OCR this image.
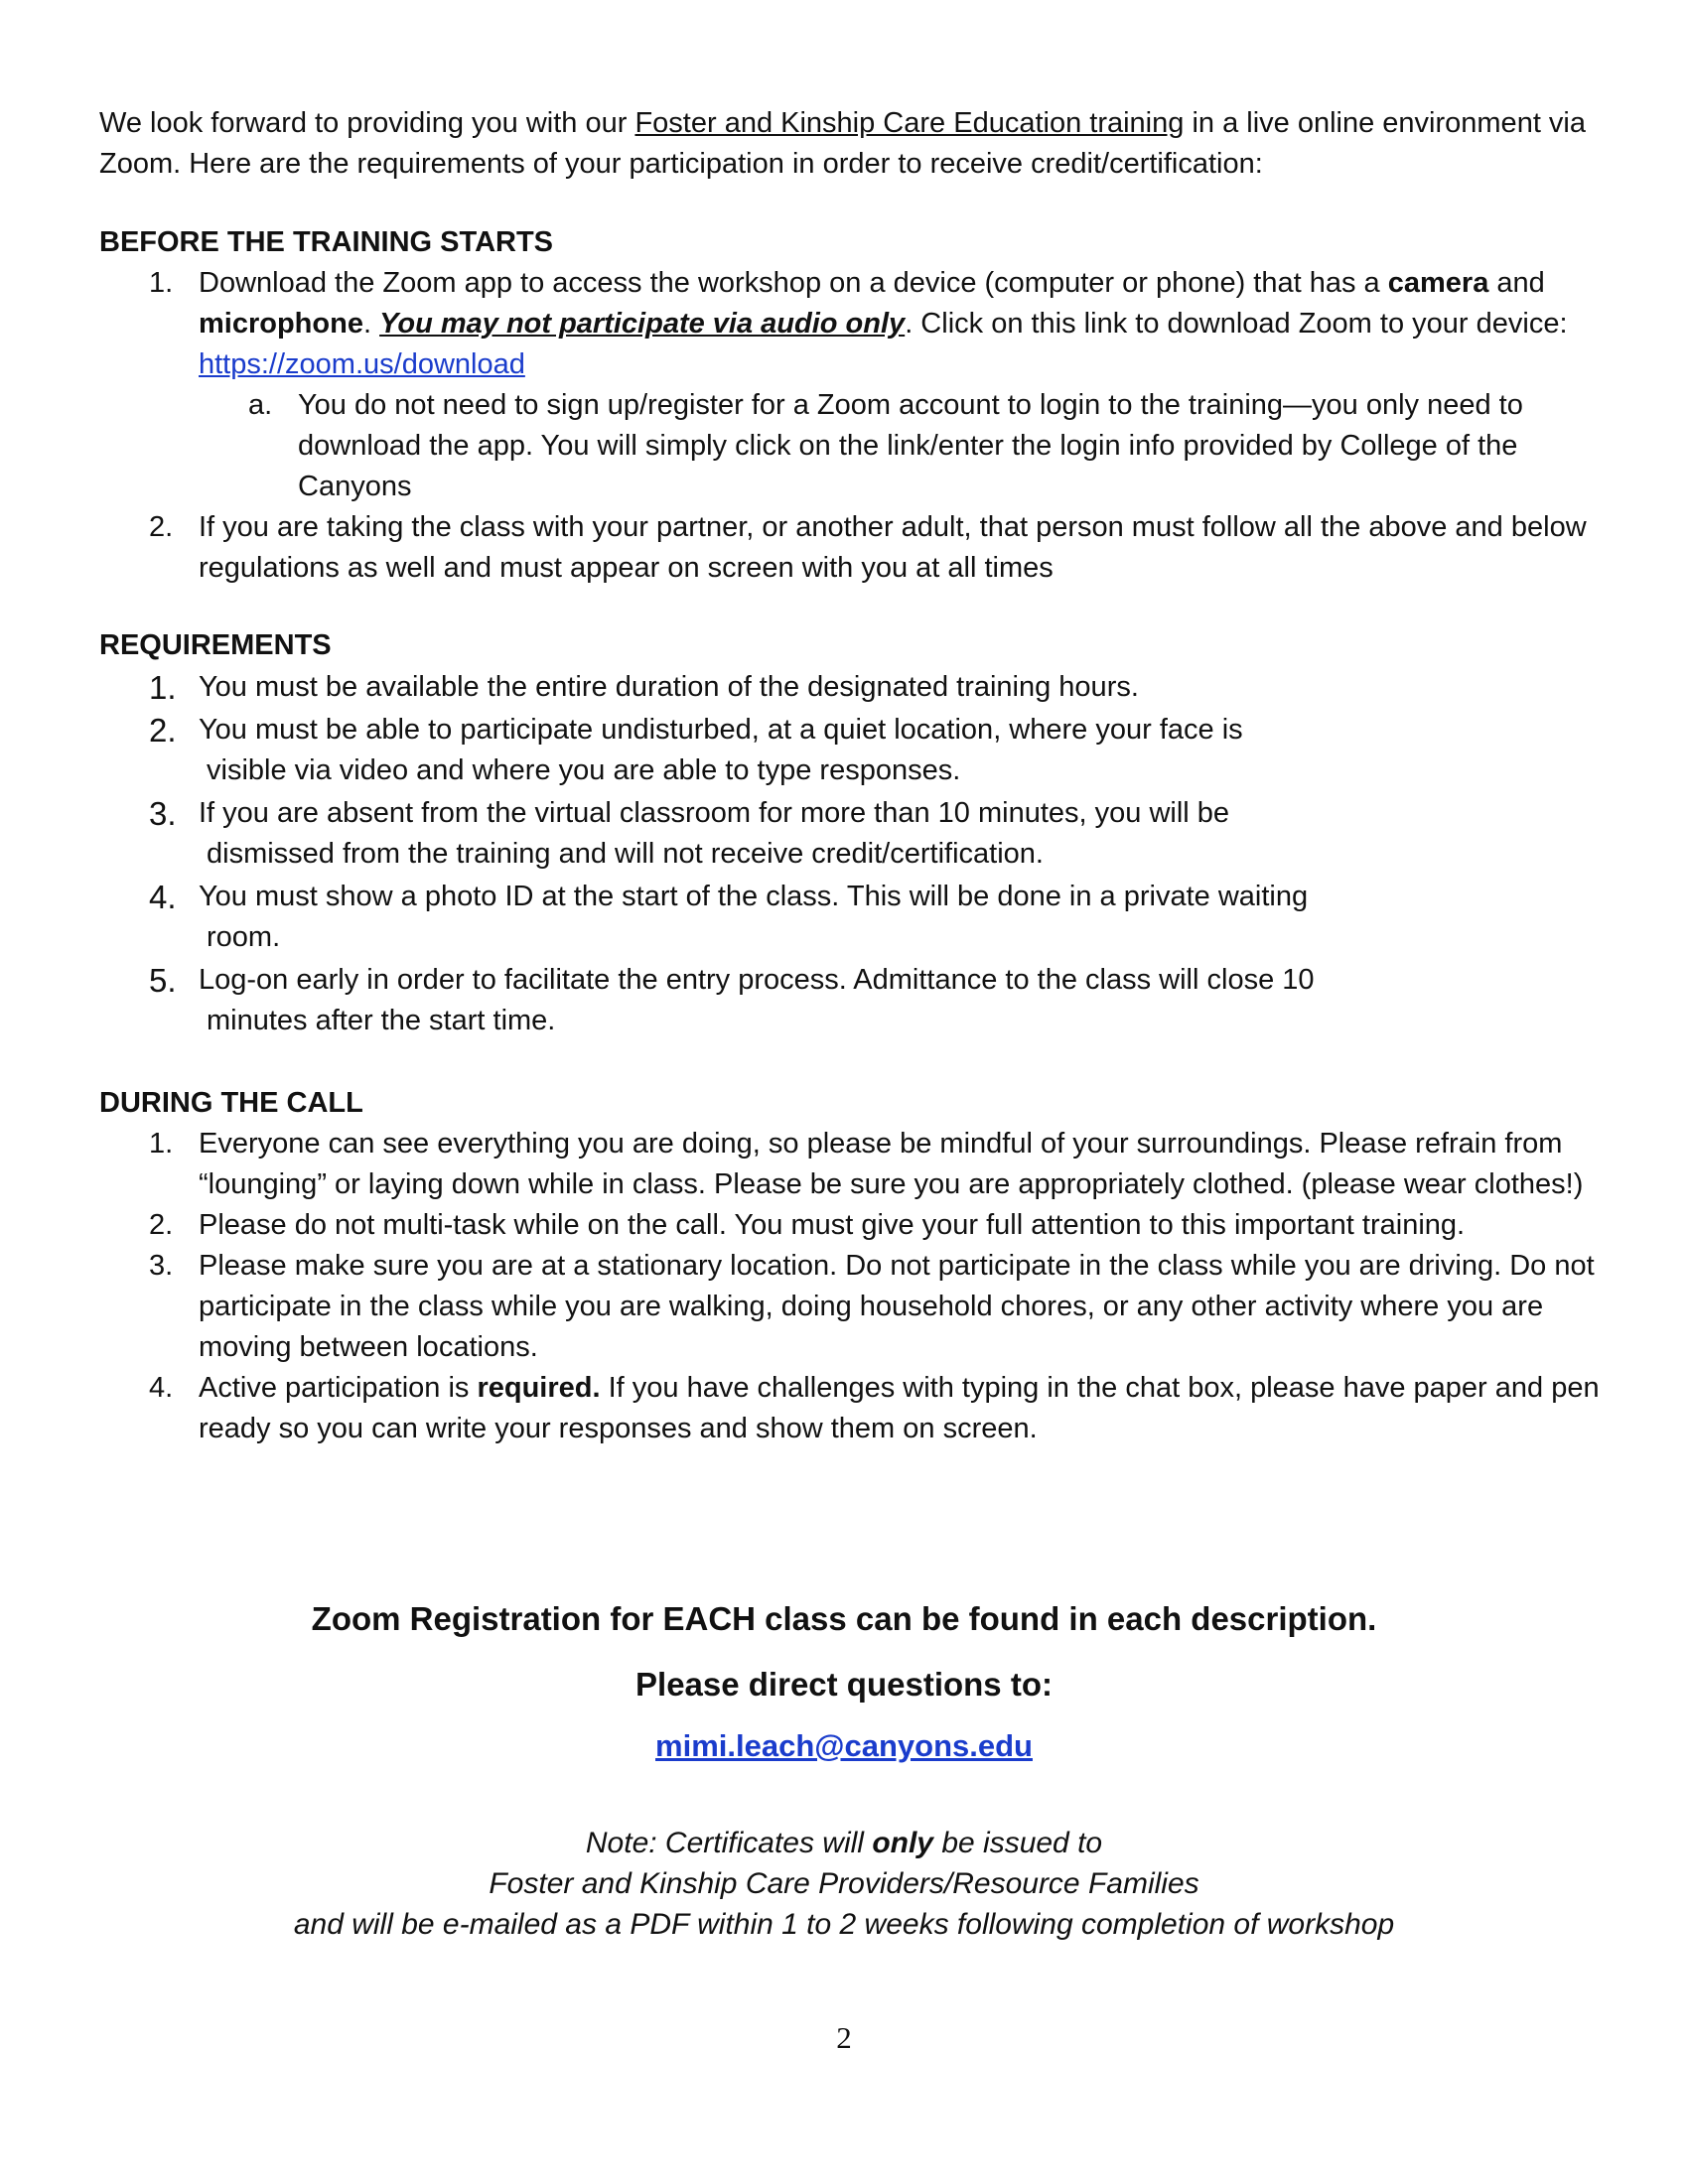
We look forward to providing you with our Foster and Kinship Care Education training in a live online environment via Zoom. Here are the requirements of your participation in order to receive credit/certification:

BEFORE THE TRAINING STARTS
1. Download the Zoom app to access the workshop on a device (computer or phone) that has a camera and microphone. You may not participate via audio only. Click on this link to download Zoom to your device: https://zoom.us/download
a. You do not need to sign up/register for a Zoom account to login to the training—you only need to download the app. You will simply click on the link/enter the login info provided by College of the Canyons
2. If you are taking the class with your partner, or another adult, that person must follow all the above and below regulations as well and must appear on screen with you at all times
REQUIREMENTS
1. You must be available the entire duration of the designated training hours.
2. You must be able to participate undisturbed, at a quiet location, where your face is
visible via video and where you are able to type responses.
3. If you are absent from the virtual classroom for more than 10 minutes, you will be
dismissed from the training and will not receive credit/certification.
4. You must show a photo ID at the start of the class. This will be done in a private waiting
room.
5. Log-on early in order to facilitate the entry process. Admittance to the class will close 10
minutes after the start time.
DURING THE CALL
1. Everyone can see everything you are doing, so please be mindful of your surroundings. Please refrain from “lounging” or laying down while in class. Please be sure you are appropriately clothed. (please wear clothes!)
2. Please do not multi-task while on the call. You must give your full attention to this important training.
3. Please make sure you are at a stationary location. Do not participate in the class while you are driving. Do not participate in the class while you are walking, doing household chores, or any other activity where you are moving between locations.
4. Active participation is required. If you have challenges with typing in the chat box, please have paper and pen ready so you can write your responses and show them on screen.
Zoom Registration for EACH class can be found in each description.
Please direct questions to:
mimi.leach@canyons.edu
Note: Certificates will only be issued to
Foster and Kinship Care Providers/Resource Families
and will be e-mailed as a PDF within 1 to 2 weeks following completion of workshop
2
